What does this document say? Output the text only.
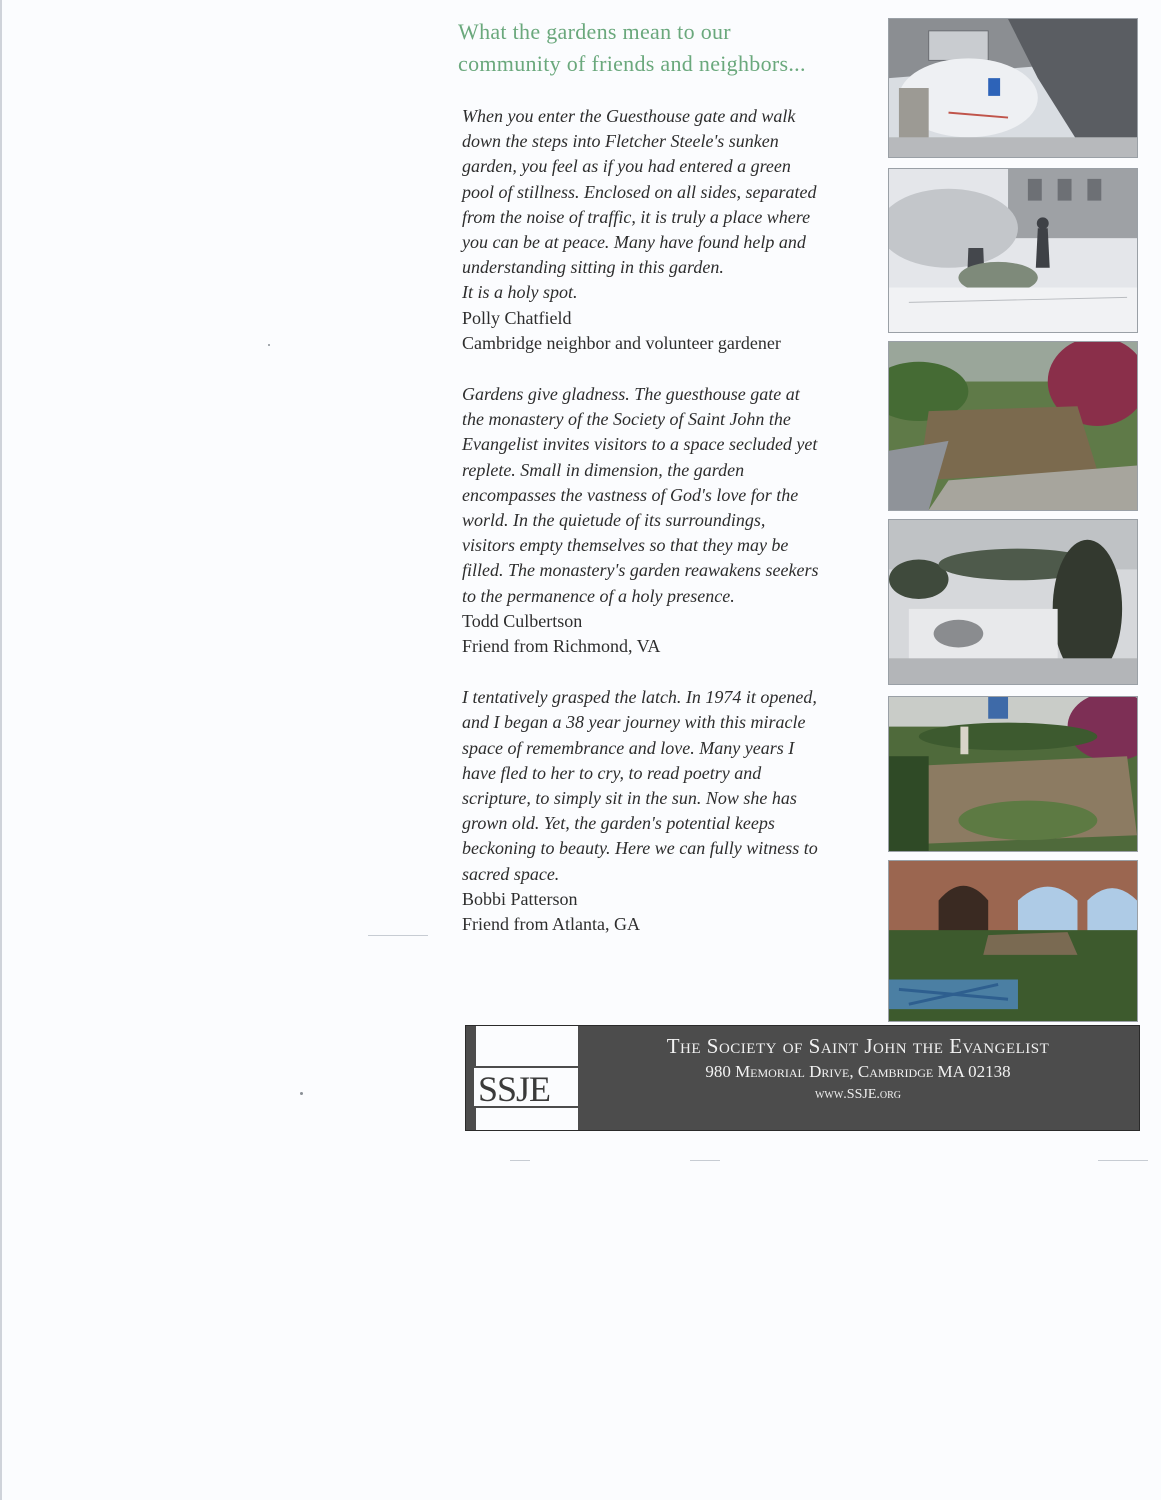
What the gardens mean to our
community of friends and neighbors...
When you enter the Guesthouse gate and walk
down the steps into Fletcher Steele's sunken
garden, you feel as if you had entered a green
pool of stillness. Enclosed on all sides, separated
from the noise of traffic, it is truly a place where
you can be at peace. Many have found help and
understanding sitting in this garden.
It is a holy spot.
Polly Chatfield
Cambridge neighbor and volunteer gardener
Gardens give gladness. The guesthouse gate at
the monastery of the Society of Saint John the
Evangelist invites visitors to a space secluded yet
replete. Small in dimension, the garden
encompasses the vastness of God's love for the
world. In the quietude of its surroundings,
visitors empty themselves so that they may be
filled. The monastery's garden reawakens seekers
to the permanence of a holy presence.
Todd Culbertson
Friend from Richmond, VA
I tentatively grasped the latch. In 1974 it opened,
and I began a 38 year journey with this miracle
space of remembrance and love. Many years I
have fled to her to cry, to read poetry and
scripture, to simply sit in the sun. Now she has
grown old. Yet, the garden's potential keeps
beckoning to beauty. Here we can fully witness to
sacred space.
Bobbi Patterson
Friend from Atlanta, GA
SSJE
The Society of Saint John the Evangelist
980 Memorial Drive, Cambridge MA 02138
www.SSJE.org
